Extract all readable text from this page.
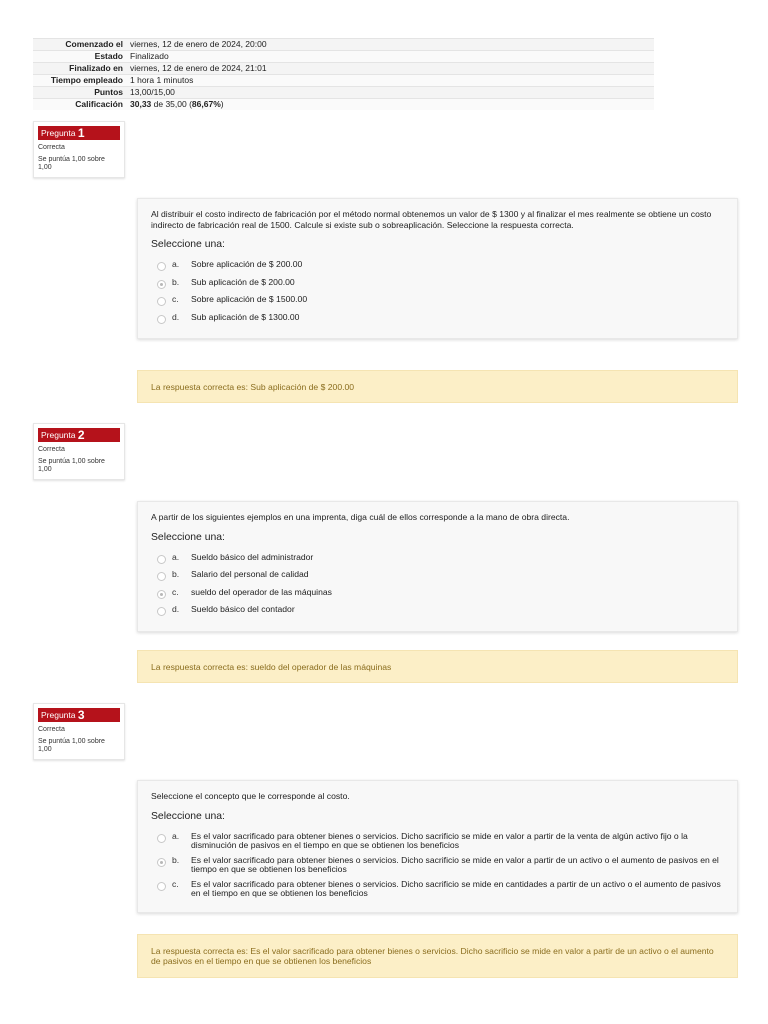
Comenzado el	viernes, 12 de enero de 2024, 20:00
Estado	Finalizado
Finalizado en	viernes, 12 de enero de 2024, 21:01
Tiempo empleado	1 hora 1 minutos
Puntos	13,00/15,00
Calificación	30,33 de 35,00 (86,67%)
Pregunta 1
Correcta
Se puntúa 1,00 sobre 1,00
Al distribuir el costo indirecto de fabricación por el método normal obtenemos un valor de $ 1300 y al finalizar el mes realmente se obtiene un costo indirecto de fabricación real de 1500. Calcule si existe sub o sobreaplicación. Seleccione la respuesta correcta.
Seleccione una:
a.	Sobre aplicación de $ 200.00
b.	Sub aplicación de $ 200.00
c.	Sobre aplicación de $ 1500.00
d.	Sub aplicación de $ 1300.00
La respuesta correcta es: Sub aplicación de $ 200.00
Pregunta 2
Correcta
Se puntúa 1,00 sobre 1,00
A partir de los siguientes ejemplos en una imprenta, diga cuál de ellos corresponde a la mano de obra directa.
Seleccione una:
a.	Sueldo básico del administrador
b.	Salario del personal de calidad
c.	sueldo del operador de las máquinas
d.	Sueldo básico del contador
La respuesta correcta es: sueldo del operador de las máquinas
Pregunta 3
Correcta
Se puntúa 1,00 sobre 1,00
Seleccione el concepto que le corresponde al costo.
Seleccione una:
a.	Es el valor sacrificado para obtener bienes o servicios. Dicho sacrificio se mide en valor a partir de la venta de algún activo fijo o la disminución de pasivos en el tiempo en que se obtienen los beneficios
b.	Es el valor sacrificado para obtener bienes o servicios. Dicho sacrificio se mide en valor a partir de un activo o el aumento de pasivos en el tiempo en que se obtienen los beneficios
c.	Es el valor sacrificado para obtener bienes o servicios. Dicho sacrificio se mide en cantidades a partir de un activo o el aumento de pasivos en el tiempo en que se obtienen los beneficios
La respuesta correcta es: Es el valor sacrificado para obtener bienes o servicios. Dicho sacrificio se mide en valor a partir de un activo o el aumento de pasivos en el tiempo en que se obtienen los beneficios
